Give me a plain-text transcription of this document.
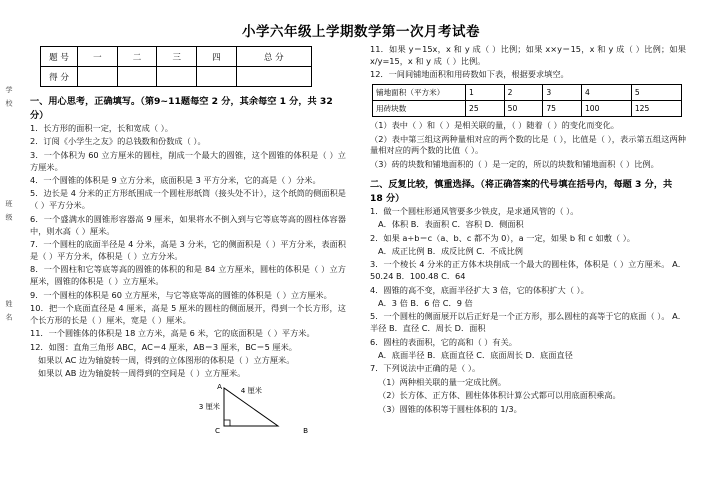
学 校
班 级
姓 名
小学六年级上学期数学第一次月考试卷
题 号	一	二	三	四	总 分
得 分					
一、用心思考，正确填写。（第9~11题每空 2 分，其余每空 1 分，共 32 分）
1．长方形的面积一定，长和宽成（ ）。
2．订阅《小学生之友》的总钱数和份数成（ ）。
3．一个体积为 60 立方厘米的圆柱，削成一个最大的圆锥，这个圆锥的体积是（ ）立方厘米。
4．一个圆锥的体积是 9 立方分米，底面积是 3 平方分米，它的高是（ ）分米。
5．边长是 4 分米的正方形纸围成一个圆柱形纸筒（接头处不计），这个纸筒的侧面积是（ ）平方分米。
6．一个盛满水的圆锥形容器高 9 厘米，如果将水不倒入到与它等底等高的圆柱体容器中，则水高（ ）厘米。
7．一个圆柱的底面半径是 4 分米，高是 3 分米，它的侧面积是（ ）平方分米，表面积是（ ）平方分米，体积是（ ）立方分米。
8．一个圆柱和它等底等高的圆锥的体积的和是 84 立方厘米，圆柱的体积是（ ）立方厘米，圆锥的体积是（ ）立方厘米。
9．一个圆柱的体积是 60 立方厘米，与它等底等高的圆锥的体积是（ ）立方厘米。
10．把一个底面直径是 4 厘米，高是 5 厘米的圆柱的侧面展开，得到一个长方形，这个长方形的长是（ ）厘米，宽是（ ）厘米。
11．一个圆锥体的体积是 18 立方米，高是 6 米，它的底面积是（ ）平方米。
12．如图：直角三角形 ABC，AC＝4 厘米，AB＝3 厘米，BC＝5 厘米。
如果以 AC 边为轴旋转一周，得到的立体图形的体积是（ ）立方厘米。
如果以 AB 边为轴旋转一周得到的空间是（ ）立方厘米。
A
3 厘米
4 厘米
B
C
11．如果 y＝15x，x 和 y 成（ ）比例；如果 x×y＝15，x 和 y 成（ ）比例；如果 x/y=15，x 和 y 成（ ）比例。
12．一间间铺地面积和用砖数如下表，根据要求填空。
铺地面积（平方米）	1	2	3	4	5
用砖块数	25	50	75	100	125
（1）表中（ ）和（ ）是相关联的量，（ ）随着（ ）的变化而变化。
（2）表中第三组这两种量相对应的两个数的比是（ ），比值是（ ），表示第五组这两种量相对应的两个数的比值（ ）。
（3）砖的块数和铺地面积的（ ）是一定的，所以的块数和铺地面积（ ）比例。
二、反复比较，慎重选择。（将正确答案的代号填在括号内，每题 3 分，共 18 分）
1．做一个圆柱形通风管要多少铁皮，是求通风管的（ ）。
A．体积 B．表面积 C．容积 D．侧面积
2．如果 a÷b＝c（a、b、c 都不为 0），a 一定，如果 b 和 c 如敷（ ）。
A．成正比例 B．成反比例 C．不成比例
3．一个棱长 4 分米的正方体木块削成一个最大的圆柱体，体积是（ ）立方厘米。 A．50.24 B．100.48 C．64
4．圆锥的高不变，底面半径扩大 3 倍，它的体积扩大（ ）。
A．3 倍 B．6 倍 C．9 倍
5．一个圆柱的侧面展开以后正好是一个正方形，那么圆柱的高等于它的底面（ ）。 A．半径 B．直径 C．周长 D．面积
6．圆柱的表面积，它的高和（ ）有关。
A．底面半径 B．底面直径 C．底面周长 D．底面直径
7．下列说法中正确的是（ ）。
（1）两种相关联的量一定成比例。
（2）长方体、正方体、圆柱体体积计算公式都可以用底面积乘高。
（3）圆锥的体积等于圆柱体积的 1/3。
